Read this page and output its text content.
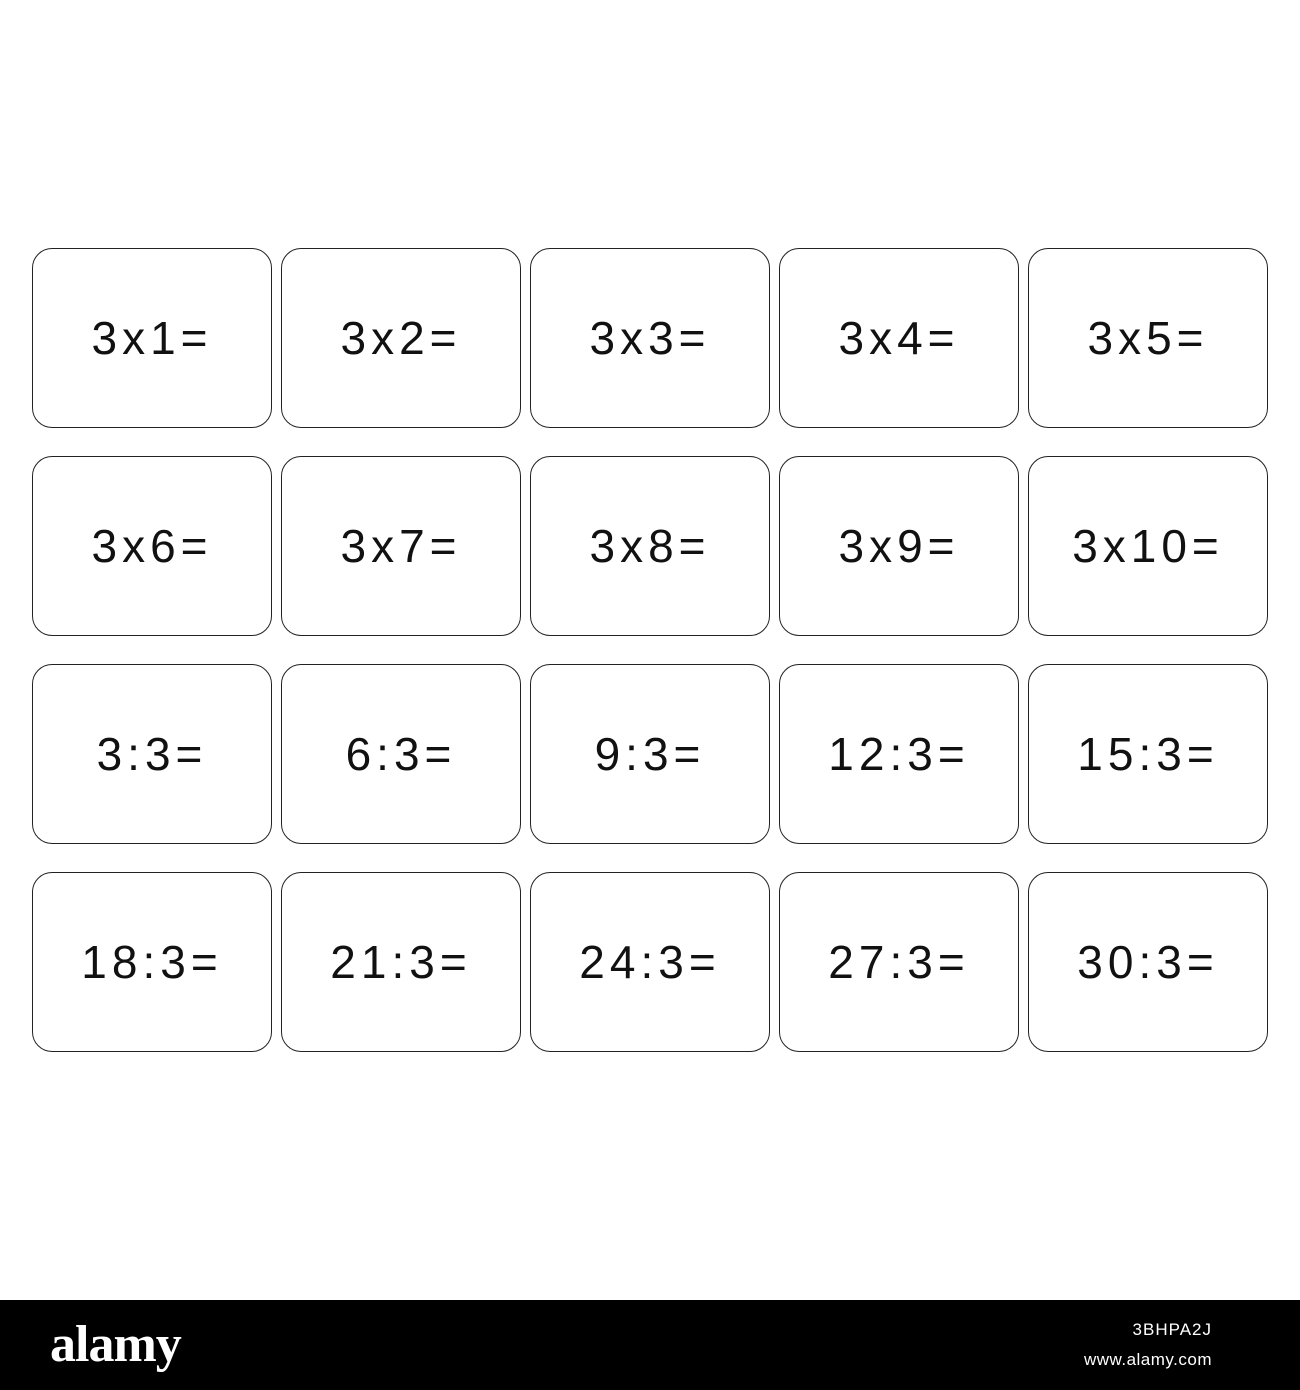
3x1=	3x2=	3x3=	3x4=	3x5=
3x6=	3x7=	3x8=	3x9= 3x10=
3:3=	6:3=	9:3=	12:3= 15:3=
18:3= 21:3= 24:3= 27:3= 30:3=
alamy	3BHPA2J
www.alamy.com
